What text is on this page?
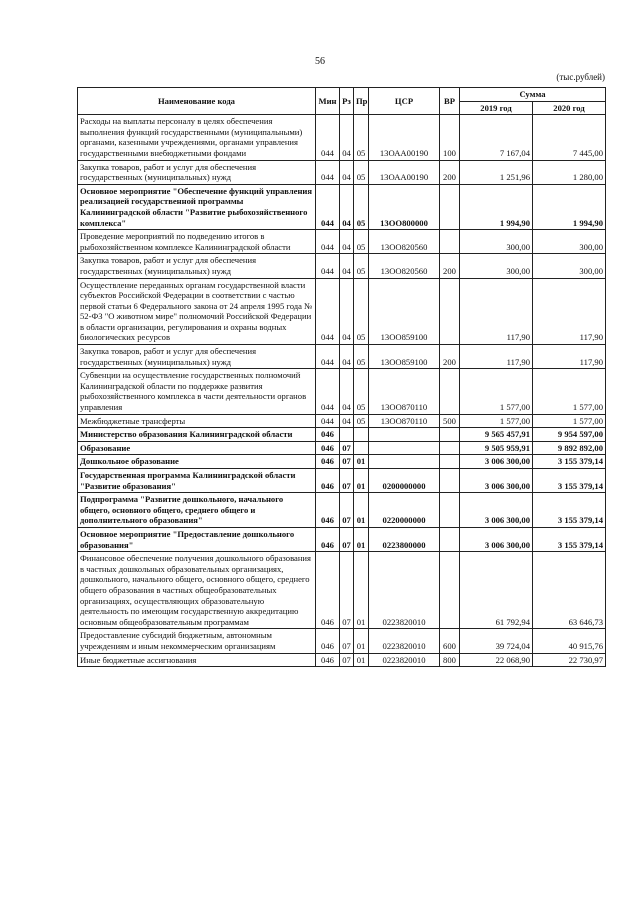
56
(тыс.рублей)
Наименование кода	Мин	Рз	Пр	ЦСР	ВР	Сумма	
						2019 год	2020 год
Расходы на выплаты персоналу в целях обеспечения выполнения функций государственными (муниципальными) органами, казенными учреждениями, органами управления государственными внебюджетными фондами	044	04	05	13ОАА00190	100	7 167,04	7 445,00
Закупка товаров, работ и услуг для обеспечения государственных (муниципальных) нужд	044	04	05	13ОАА00190	200	1 251,96	1 280,00
Основное мероприятие "Обеспечение функций управления реализацией государственной программы Калининградской области "Развитие рыбохозяйственного комплекса"	044	04	05	13ОО800000		1 994,90	1 994,90
Проведение мероприятий по подведению итогов в рыбохозяйственном комплексе Калининградской области	044	04	05	13ОО820560		300,00	300,00
Закупка товаров, работ и услуг для обеспечения государственных (муниципальных) нужд	044	04	05	13ОО820560	200	300,00	300,00
Осуществление переданных органам государственной власти субъектов Российской Федерации в соответствии с частью первой статьи 6 Федерального закона от 24 апреля 1995 года № 52-ФЗ "О животном мире" полномочий Российской Федерации в области организации, регулирования и охраны водных биологических ресурсов	044	04	05	13ОО859100		117,90	117,90
Закупка товаров, работ и услуг для обеспечения государственных (муниципальных) нужд	044	04	05	13ОО859100	200	117,90	117,90
Субвенции на осуществление государственных полномочий Калининградской области по поддержке развития рыбохозяйственного комплекса в части деятельности органов управления	044	04	05	13ОО870110		1 577,00	1 577,00
Межбюджетные трансферты	044	04	05	13ОО870110	500	1 577,00	1 577,00
Министерство образования Калининградской области	046					9 565 457,91	9 954 597,00
Образование	046	07				9 505 959,91	9 892 892,00
Дошкольное образование	046	07	01			3 006 300,00	3 155 379,14
Государственная программа Калининградской области "Развитие образования"	046	07	01	0200000000		3 006 300,00	3 155 379,14
Подпрограмма "Развитие дошкольного, начального общего, основного общего, среднего общего и дополнительного образования"	046	07	01	0220000000		3 006 300,00	3 155 379,14
Основное мероприятие "Предоставление дошкольного образования"	046	07	01	0223800000		3 006 300,00	3 155 379,14
Финансовое обеспечение получения дошкольного образования в частных дошкольных образовательных организациях, дошкольного, начального общего, основного общего, среднего общего образования в частных общеобразовательных организациях, осуществляющих образовательную деятельность по имеющим государственную аккредитацию основным общеобразовательным программам	046	07	01	0223820010		61 792,94	63 646,73
Предоставление субсидий бюджетным, автономным учреждениям и иным некоммерческим организациям	046	07	01	0223820010	600	39 724,04	40 915,76
Иные бюджетные ассигнования	046	07	01	0223820010	800	22 068,90	22 730,97
